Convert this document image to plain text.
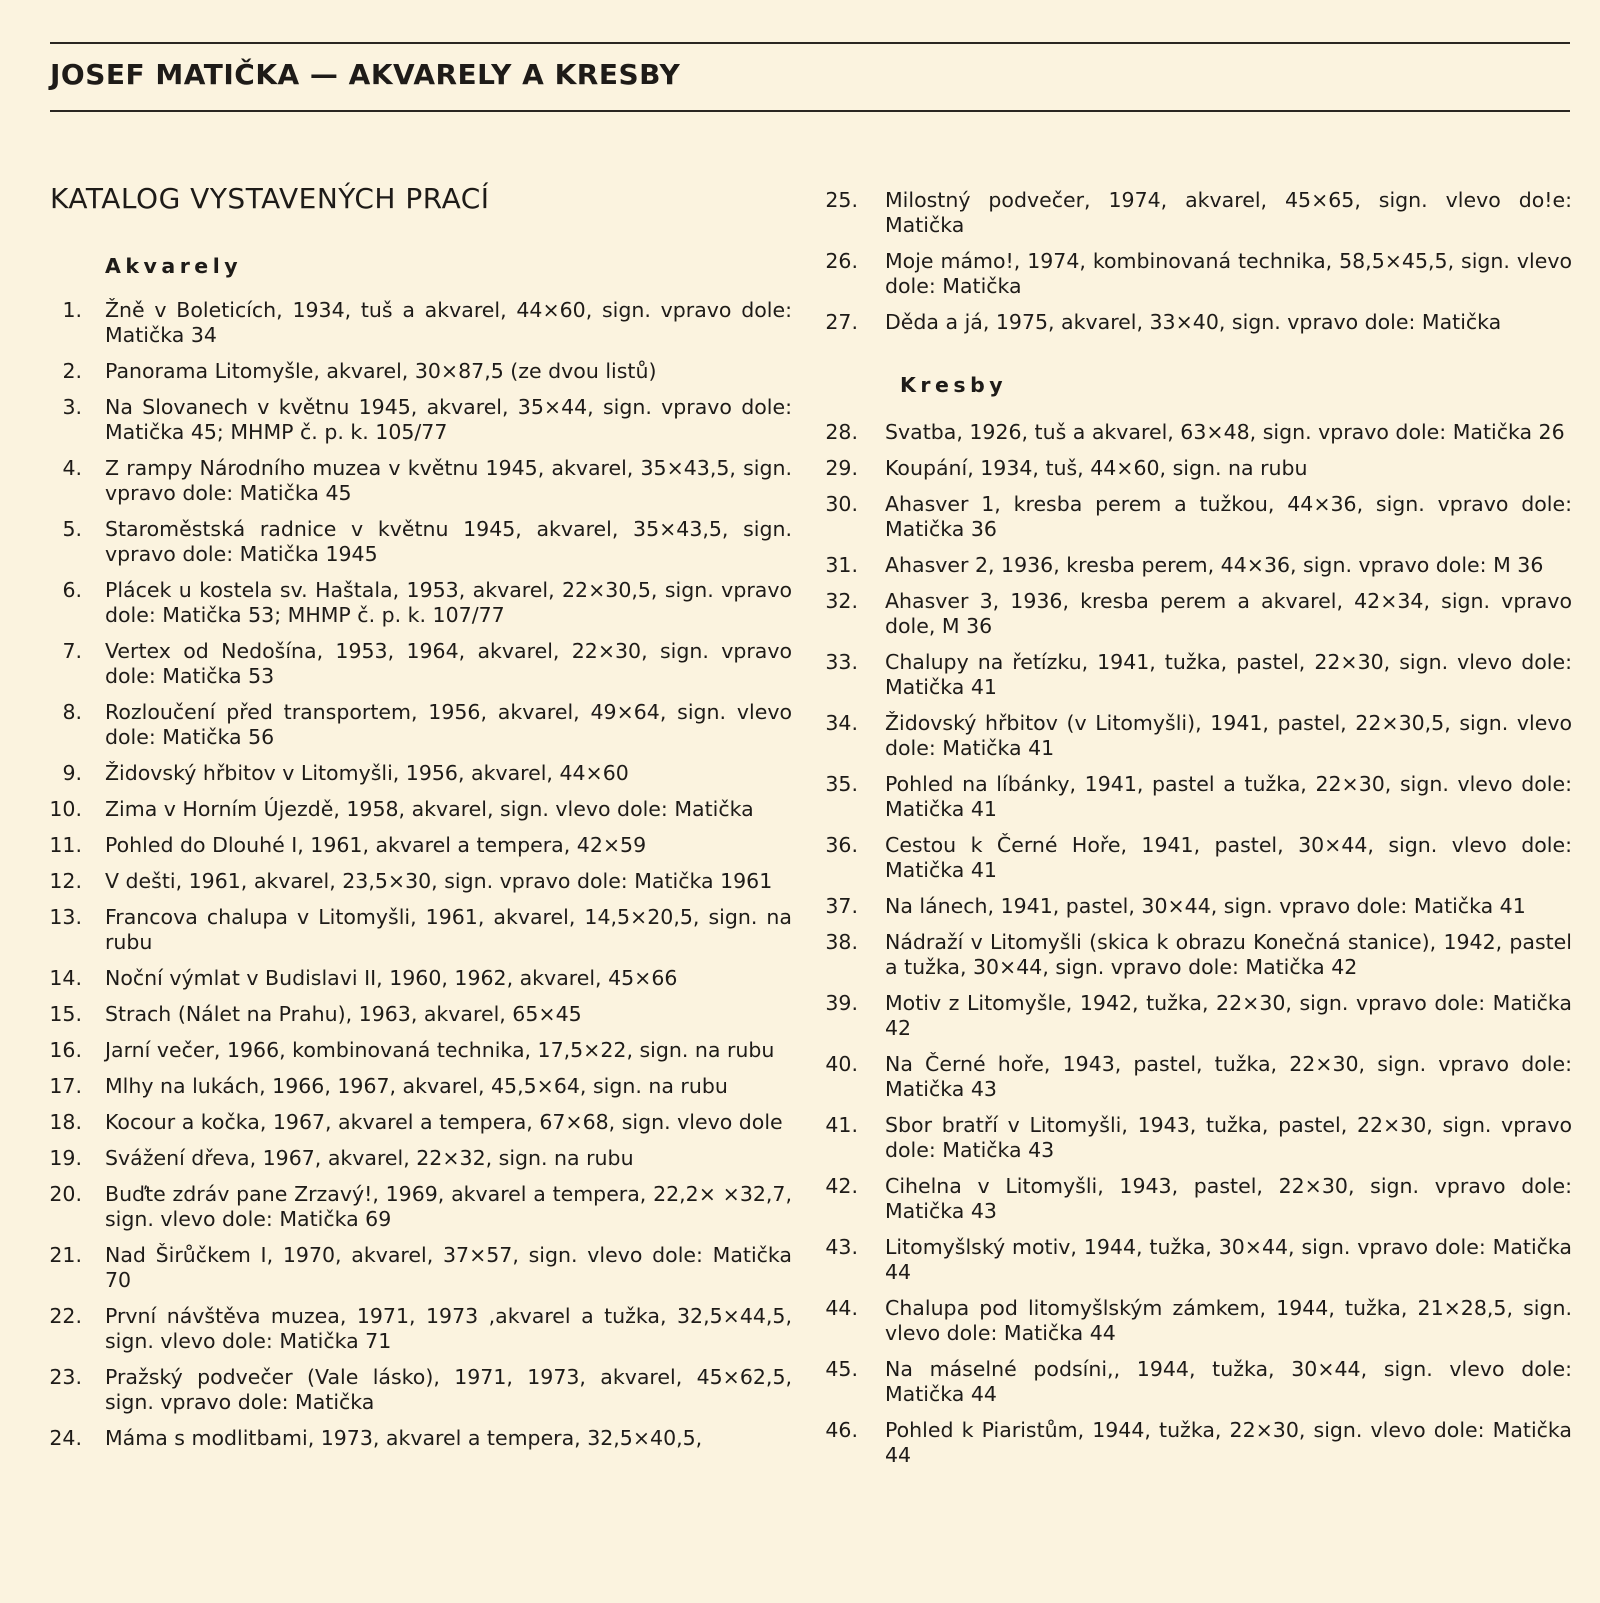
JOSEF MATIČKA — AKVARELY A KRESBY
KATALOG VYSTAVENÝCH PRACÍ
Akvarely
1. Žně v Boleticích, 1934, tuš a akvarel, 44×60, sign. vpravo dole: Matička 34
2. Panorama Litomyšle, akvarel, 30×87,5 (ze dvou listů)
3. Na Slovanech v květnu 1945, akvarel, 35×44, sign. vpravo dole: Matička 45; MHMP č. p. k. 105/77
4. Z rampy Národního muzea v květnu 1945, akvarel, 35×43,5, sign. vpravo dole: Matička 45
5. Staroměstská radnice v květnu 1945, akvarel, 35×43,5, sign. vpravo dole: Matička 1945
6. Plácek u kostela sv. Haštala, 1953, akvarel, 22×30,5, sign. vpravo dole: Matička 53; MHMP č. p. k. 107/77
7. Vertex od Nedošína, 1953, 1964, akvarel, 22×30, sign. vpravo dole: Matička 53
8. Rozloučení před transportem, 1956, akvarel, 49×64, sign. vlevo dole: Matička 56
9. Židovský hřbitov v Litomyšli, 1956, akvarel, 44×60
10. Zima v Horním Újezdě, 1958, akvarel, sign. vlevo dole: Matička
11. Pohled do Dlouhé I, 1961, akvarel a tempera, 42×59
12. V dešti, 1961, akvarel, 23,5×30, sign. vpravo dole: Matička 1961
13. Francova chalupa v Litomyšli, 1961, akvarel, 14,5×20,5, sign. na rubu
14. Noční výmlat v Budislavi II, 1960, 1962, akvarel, 45×66
15. Strach (Nálet na Prahu), 1963, akvarel, 65×45
16. Jarní večer, 1966, kombinovaná technika, 17,5×22, sign. na rubu
17. Mlhy na lukách, 1966, 1967, akvarel, 45,5×64, sign. na rubu
18. Kocour a kočka, 1967, akvarel a tempera, 67×68, sign. vlevo dole
19. Svážení dřeva, 1967, akvarel, 22×32, sign. na rubu
20. Buďte zdráv pane Zrzavý!, 1969, akvarel a tempera, 22,2× ×32,7, sign. vlevo dole: Matička 69
21. Nad Širůčkem I, 1970, akvarel, 37×57, sign. vlevo dole: Matička 70
22. První návštěva muzea, 1971, 1973 ,akvarel a tužka, 32,5×44,5, sign. vlevo dole: Matička 71
23. Pražský podvečer (Vale lásko), 1971, 1973, akvarel, 45×62,5, sign. vpravo dole: Matička
24. Máma s modlitbami, 1973, akvarel a tempera, 32,5×40,5,
25. Milostný podvečer, 1974, akvarel, 45×65, sign. vlevo do!e: Matička
26. Moje mámo!, 1974, kombinovaná technika, 58,5×45,5, sign. vlevo dole: Matička
27. Děda a já, 1975, akvarel, 33×40, sign. vpravo dole: Matička
Kresby
28. Svatba, 1926, tuš a akvarel, 63×48, sign. vpravo dole: Matička 26
29. Koupání, 1934, tuš, 44×60, sign. na rubu
30. Ahasver 1, kresba perem a tužkou, 44×36, sign. vpravo dole: Matička 36
31. Ahasver 2, 1936, kresba perem, 44×36, sign. vpravo dole: M 36
32. Ahasver 3, 1936, kresba perem a akvarel, 42×34, sign. vpravo dole, M 36
33. Chalupy na řetízku, 1941, tužka, pastel, 22×30, sign. vlevo dole: Matička 41
34. Židovský hřbitov (v Litomyšli), 1941, pastel, 22×30,5, sign. vlevo dole: Matička 41
35. Pohled na líbánky, 1941, pastel a tužka, 22×30, sign. vlevo dole: Matička 41
36. Cestou k Černé Hoře, 1941, pastel, 30×44, sign. vlevo dole: Matička 41
37. Na lánech, 1941, pastel, 30×44, sign. vpravo dole: Matička 41
38. Nádraží v Litomyšli (skica k obrazu Konečná stanice), 1942, pastel a tužka, 30×44, sign. vpravo dole: Matička 42
39. Motiv z Litomyšle, 1942, tužka, 22×30, sign. vpravo dole: Matička 42
40. Na Černé hoře, 1943, pastel, tužka, 22×30, sign. vpravo dole: Matička 43
41. Sbor bratří v Litomyšli, 1943, tužka, pastel, 22×30, sign. vpravo dole: Matička 43
42. Cihelna v Litomyšli, 1943, pastel, 22×30, sign. vpravo dole: Matička 43
43. Litomyšlský motiv, 1944, tužka, 30×44, sign. vpravo dole: Matička 44
44. Chalupa pod litomyšlským zámkem, 1944, tužka, 21×28,5, sign. vlevo dole: Matička 44
45. Na máselné podsíni,, 1944, tužka, 30×44, sign. vlevo dole: Matička 44
46. Pohled k Piaristům, 1944, tužka, 22×30, sign. vlevo dole: Matička 44
